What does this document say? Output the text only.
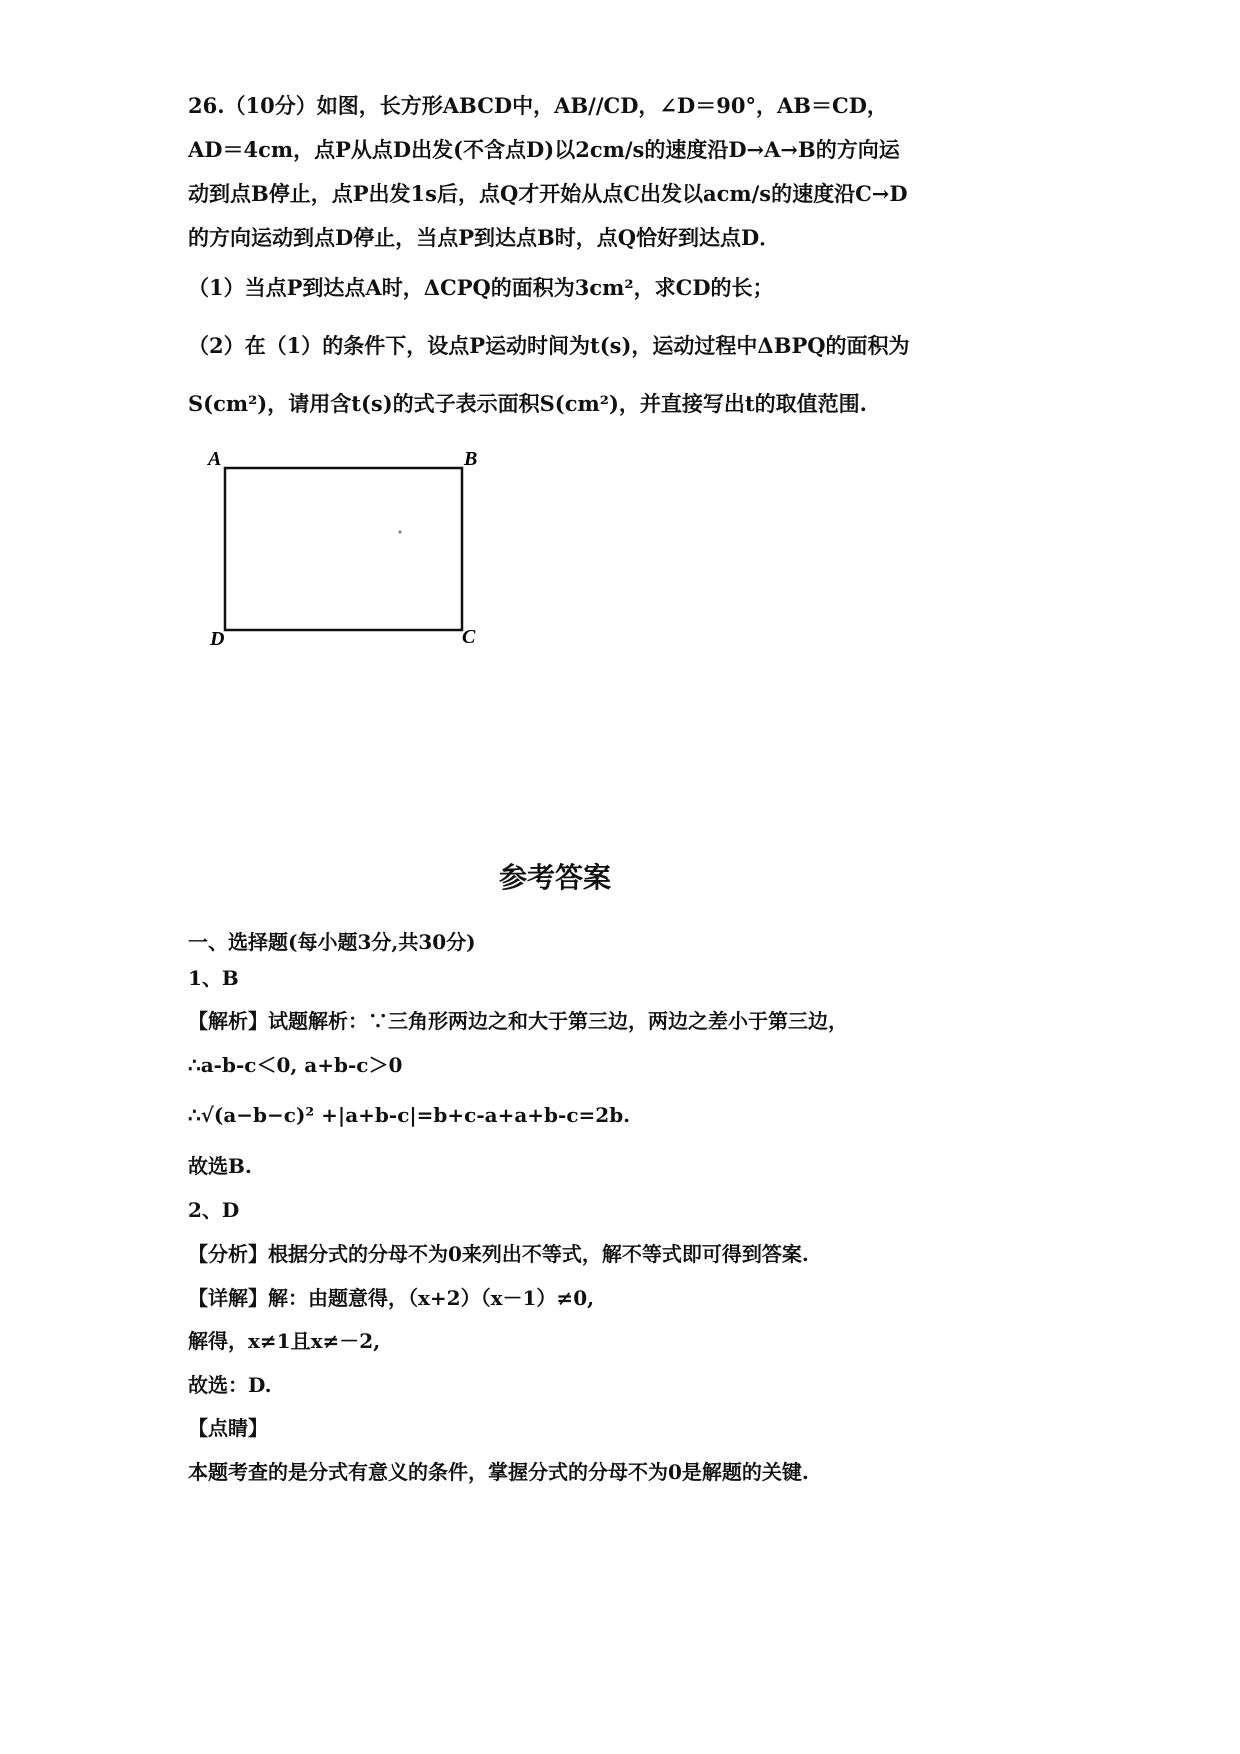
26.（10分）如图，长方形ABCD中，AB//CD，∠D＝90°，AB＝CD，
AD＝4cm，点P从点D出发(不含点D)以2cm/s的速度沿D→A→B的方向运
动到点B停止，点P出发1s后，点Q才开始从点C出发以acm/s的速度沿C→D
的方向运动到点D停止，当点P到达点B时，点Q恰好到达点D．
（1）当点P到达点A时，ΔCPQ的面积为3cm²，求CD的长；
（2）在（1）的条件下，设点P运动时间为t(s)，运动过程中ΔBPQ的面积为
S(cm²)，请用含t(s)的式子表示面积S(cm²)，并直接写出t的取值范围.
A	B
C
D
参考答案
一、选择题(每小题3分,共30分)
1、B
【解析】试题解析：∵三角形两边之和大于第三边，两边之差小于第三边，
∴a-b-c＜0, a+b-c＞0
∴√(a−b−c)² +|a+b-c|=b+c-a+a+b-c=2b.
故选B.
2、D
【分析】根据分式的分母不为0来列出不等式，解不等式即可得到答案.
【详解】解：由题意得，（x+2）（x－1）≠0,
解得，x≠1且x≠－2,
故选：D.
【点睛】
本题考查的是分式有意义的条件，掌握分式的分母不为0是解题的关键.
